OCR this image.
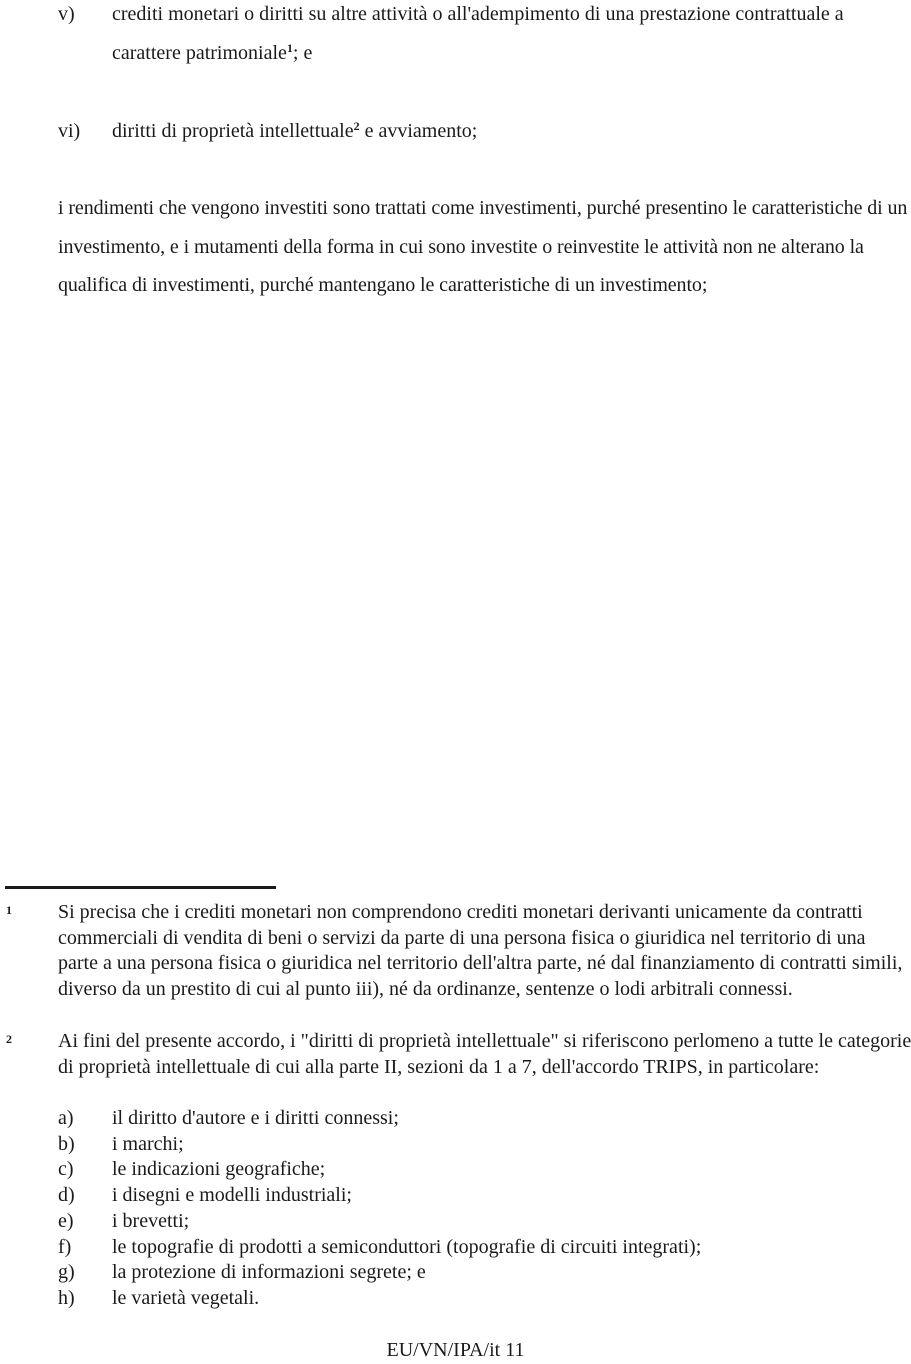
v) crediti monetari o diritti su altre attività o all'adempimento di una prestazione contrattuale a carattere patrimoniale$^1$; e
vi) diritti di proprietà intellettuale$^2$ e avviamento;
i rendimenti che vengono investiti sono trattati come investimenti, purché presentino le caratteristiche di un investimento, e i mutamenti della forma in cui sono investite o reinvestite le attività non ne alterano la qualifica di investimenti, purché mantengano le caratteristiche di un investimento;
1 Si precisa che i crediti monetari non comprendono crediti monetari derivanti unicamente da contratti commerciali di vendita di beni o servizi da parte di una persona fisica o giuridica nel territorio di una parte a una persona fisica o giuridica nel territorio dell'altra parte, né dal finanziamento di contratti simili, diverso da un prestito di cui al punto iii), né da ordinanze, sentenze o lodi arbitrali connessi.
2 Ai fini del presente accordo, i "diritti di proprietà intellettuale" si riferiscono perlomeno a tutte le categorie di proprietà intellettuale di cui alla parte II, sezioni da 1 a 7, dell'accordo TRIPS, in particolare:
a) il diritto d'autore e i diritti connessi;
b) i marchi;
c) le indicazioni geografiche;
d) i disegni e modelli industriali;
e) i brevetti;
f) le topografie di prodotti a semiconduttori (topografie di circuiti integrati);
g) la protezione di informazioni segrete; e
h) le varietà vegetali.
EU/VN/IPA/it 11
